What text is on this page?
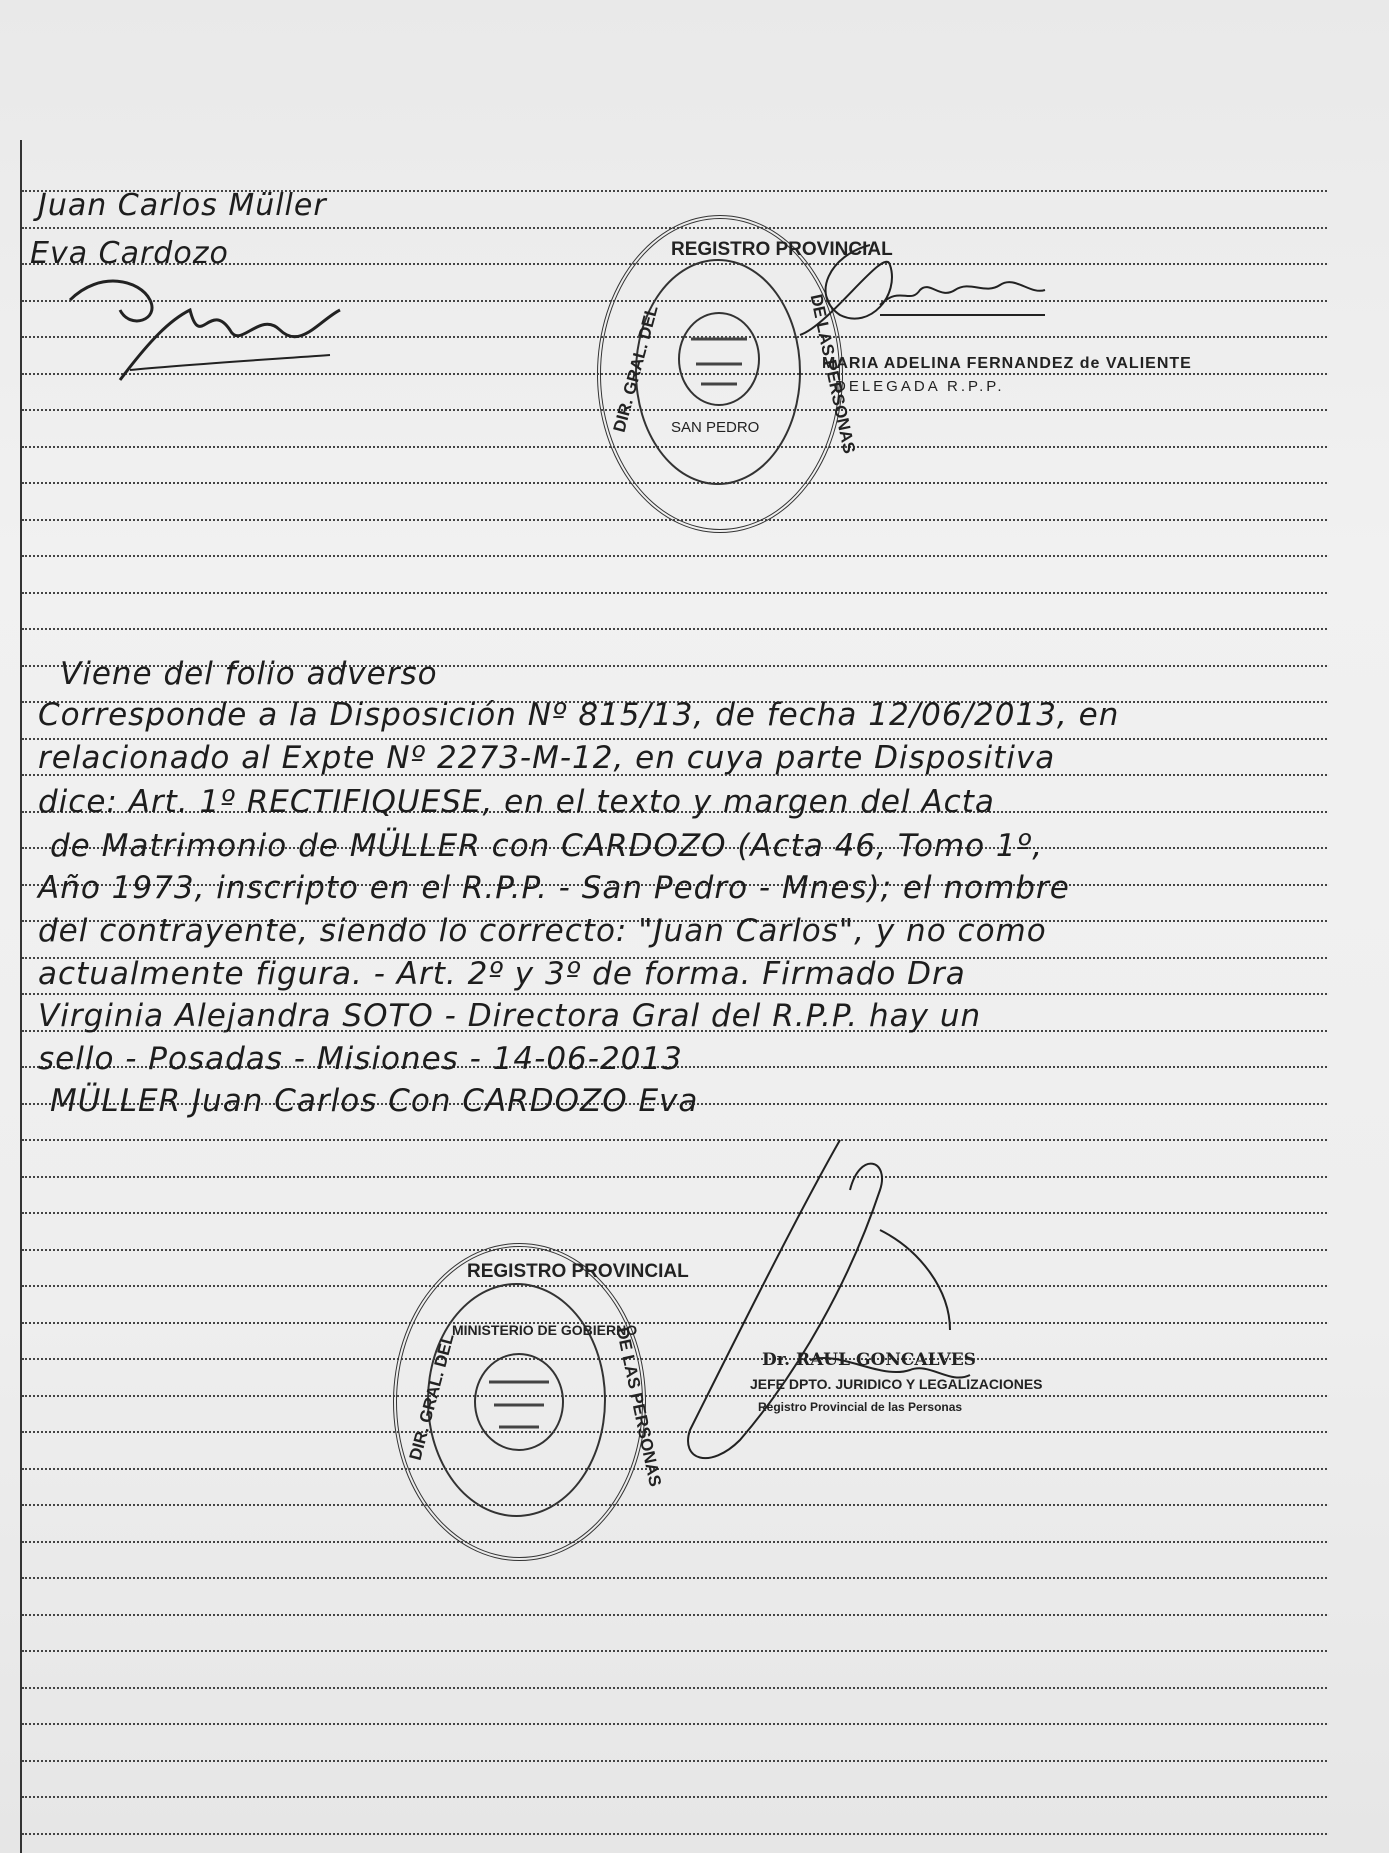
Juan Carlos Müller
Eva Cardozo	REGISTRO PROVINCIAL
DIR. GRAL. DEL	DE LAS PERSONAS
SAN PEDRO
MARIA ADELINA FERNANDEZ de VALIENTE
DELEGADA R.P.P.
Viene del folio adverso
Corresponde a la Disposición Nº 815/13, de fecha 12/06/2013, en
relacionado al Expte Nº 2273-M-12, en cuya parte Dispositiva
dice: Art. 1º RECTIFIQUESE, en el texto y margen del Acta
de Matrimonio de MÜLLER con CARDOZO (Acta 46, Tomo 1º,
Año 1973, inscripto en el R.P.P. - San Pedro - Mnes); el nombre
del contrayente, siendo lo correcto: "Juan Carlos", y no como
actualmente figura. - Art. 2º y 3º de forma. Firmado Dra
Virginia Alejandra SOTO - Directora Gral del R.P.P. hay un
sello - Posadas - Misiones - 14-06-2013
MÜLLER Juan Carlos Con CARDOZO Eva
REGISTRO PROVINCIAL
DIR. GRAL. DEL	DE LAS PERSONAS
MINISTERIO DE GOBIERNO
Dr. RAUL GONCALVES
JEFE DPTO. JURIDICO Y LEGALIZACIONES
Registro Provincial de las Personas
